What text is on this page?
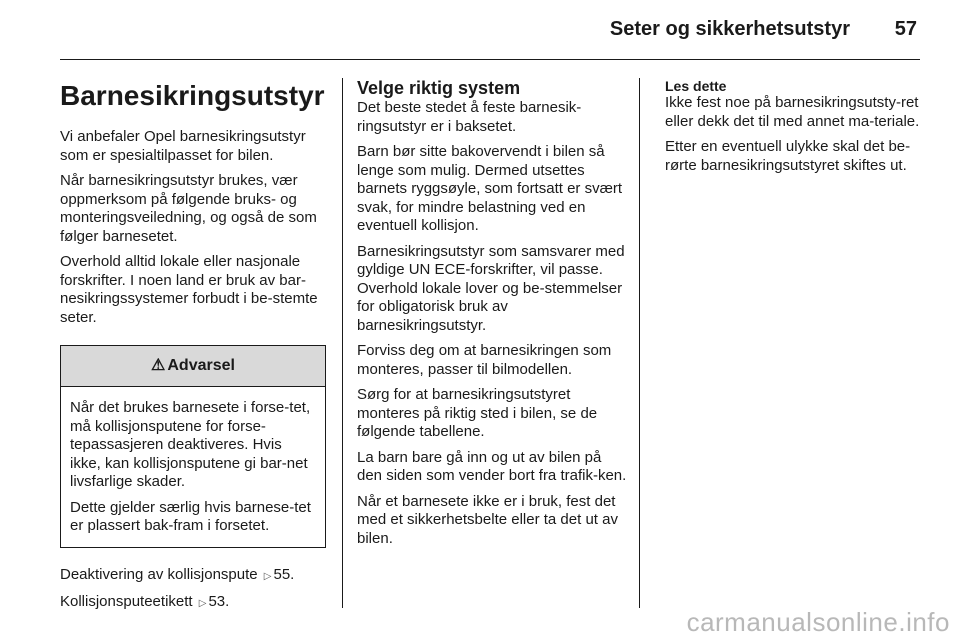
Seter og sikkerhetsutstyr 57
Barnesikringsutstyr

Vi anbefaler Opel barnesikringsutstyr som er spesialtilpasset for bilen.

Når barnesikringsutstyr brukes, vær oppmerksom på følgende bruks- og monteringsveiledning, og også de som følger barnesetet.

Overhold alltid lokale eller nasjonale forskrifter. I noen land er bruk av bar-nesikringssystemer forbudt i be-stemte seter.

⚠ Advarsel

Når det brukes barnesete i forse-tet, må kollisjonsputene for forse-tepassasjeren deaktiveres. Hvis ikke, kan kollisjonsputene gi bar-net livsfarlige skader.

Dette gjelder særlig hvis barnese-tet er plassert bak-fram i forsetet.

Deaktivering av kollisjonspute ▷ 55.

Kollisjonsputeetikett ▷ 53.

Velge riktig system

Det beste stedet å feste barnesik-ringsutstyr er i baksetet.

Barn bør sitte bakovervendt i bilen så lenge som mulig. Dermed utsettes barnets ryggsøyle, som fortsatt er svært svak, for mindre belastning ved en eventuell kollisjon.

Barnesikringsutstyr som samsvarer med gyldige UN ECE-forskrifter, vil passe. Overhold lokale lover og be-stemmelser for obligatorisk bruk av barnesikringsutstyr.

Forviss deg om at barnesikringen som monteres, passer til bilmodellen.

Sørg for at barnesikringsutstyret monteres på riktig sted i bilen, se de følgende tabellene.

La barn bare gå inn og ut av bilen på den siden som vender bort fra trafik-ken.

Når et barnesete ikke er i bruk, fest det med et sikkerhetsbelte eller ta det ut av bilen.

Les dette

Ikke fest noe på barnesikringsutsty-ret eller dekk det til med annet ma-teriale.

Etter en eventuell ulykke skal det be-rørte barnesikringsutstyret skiftes ut.

carmanualsonline.info
